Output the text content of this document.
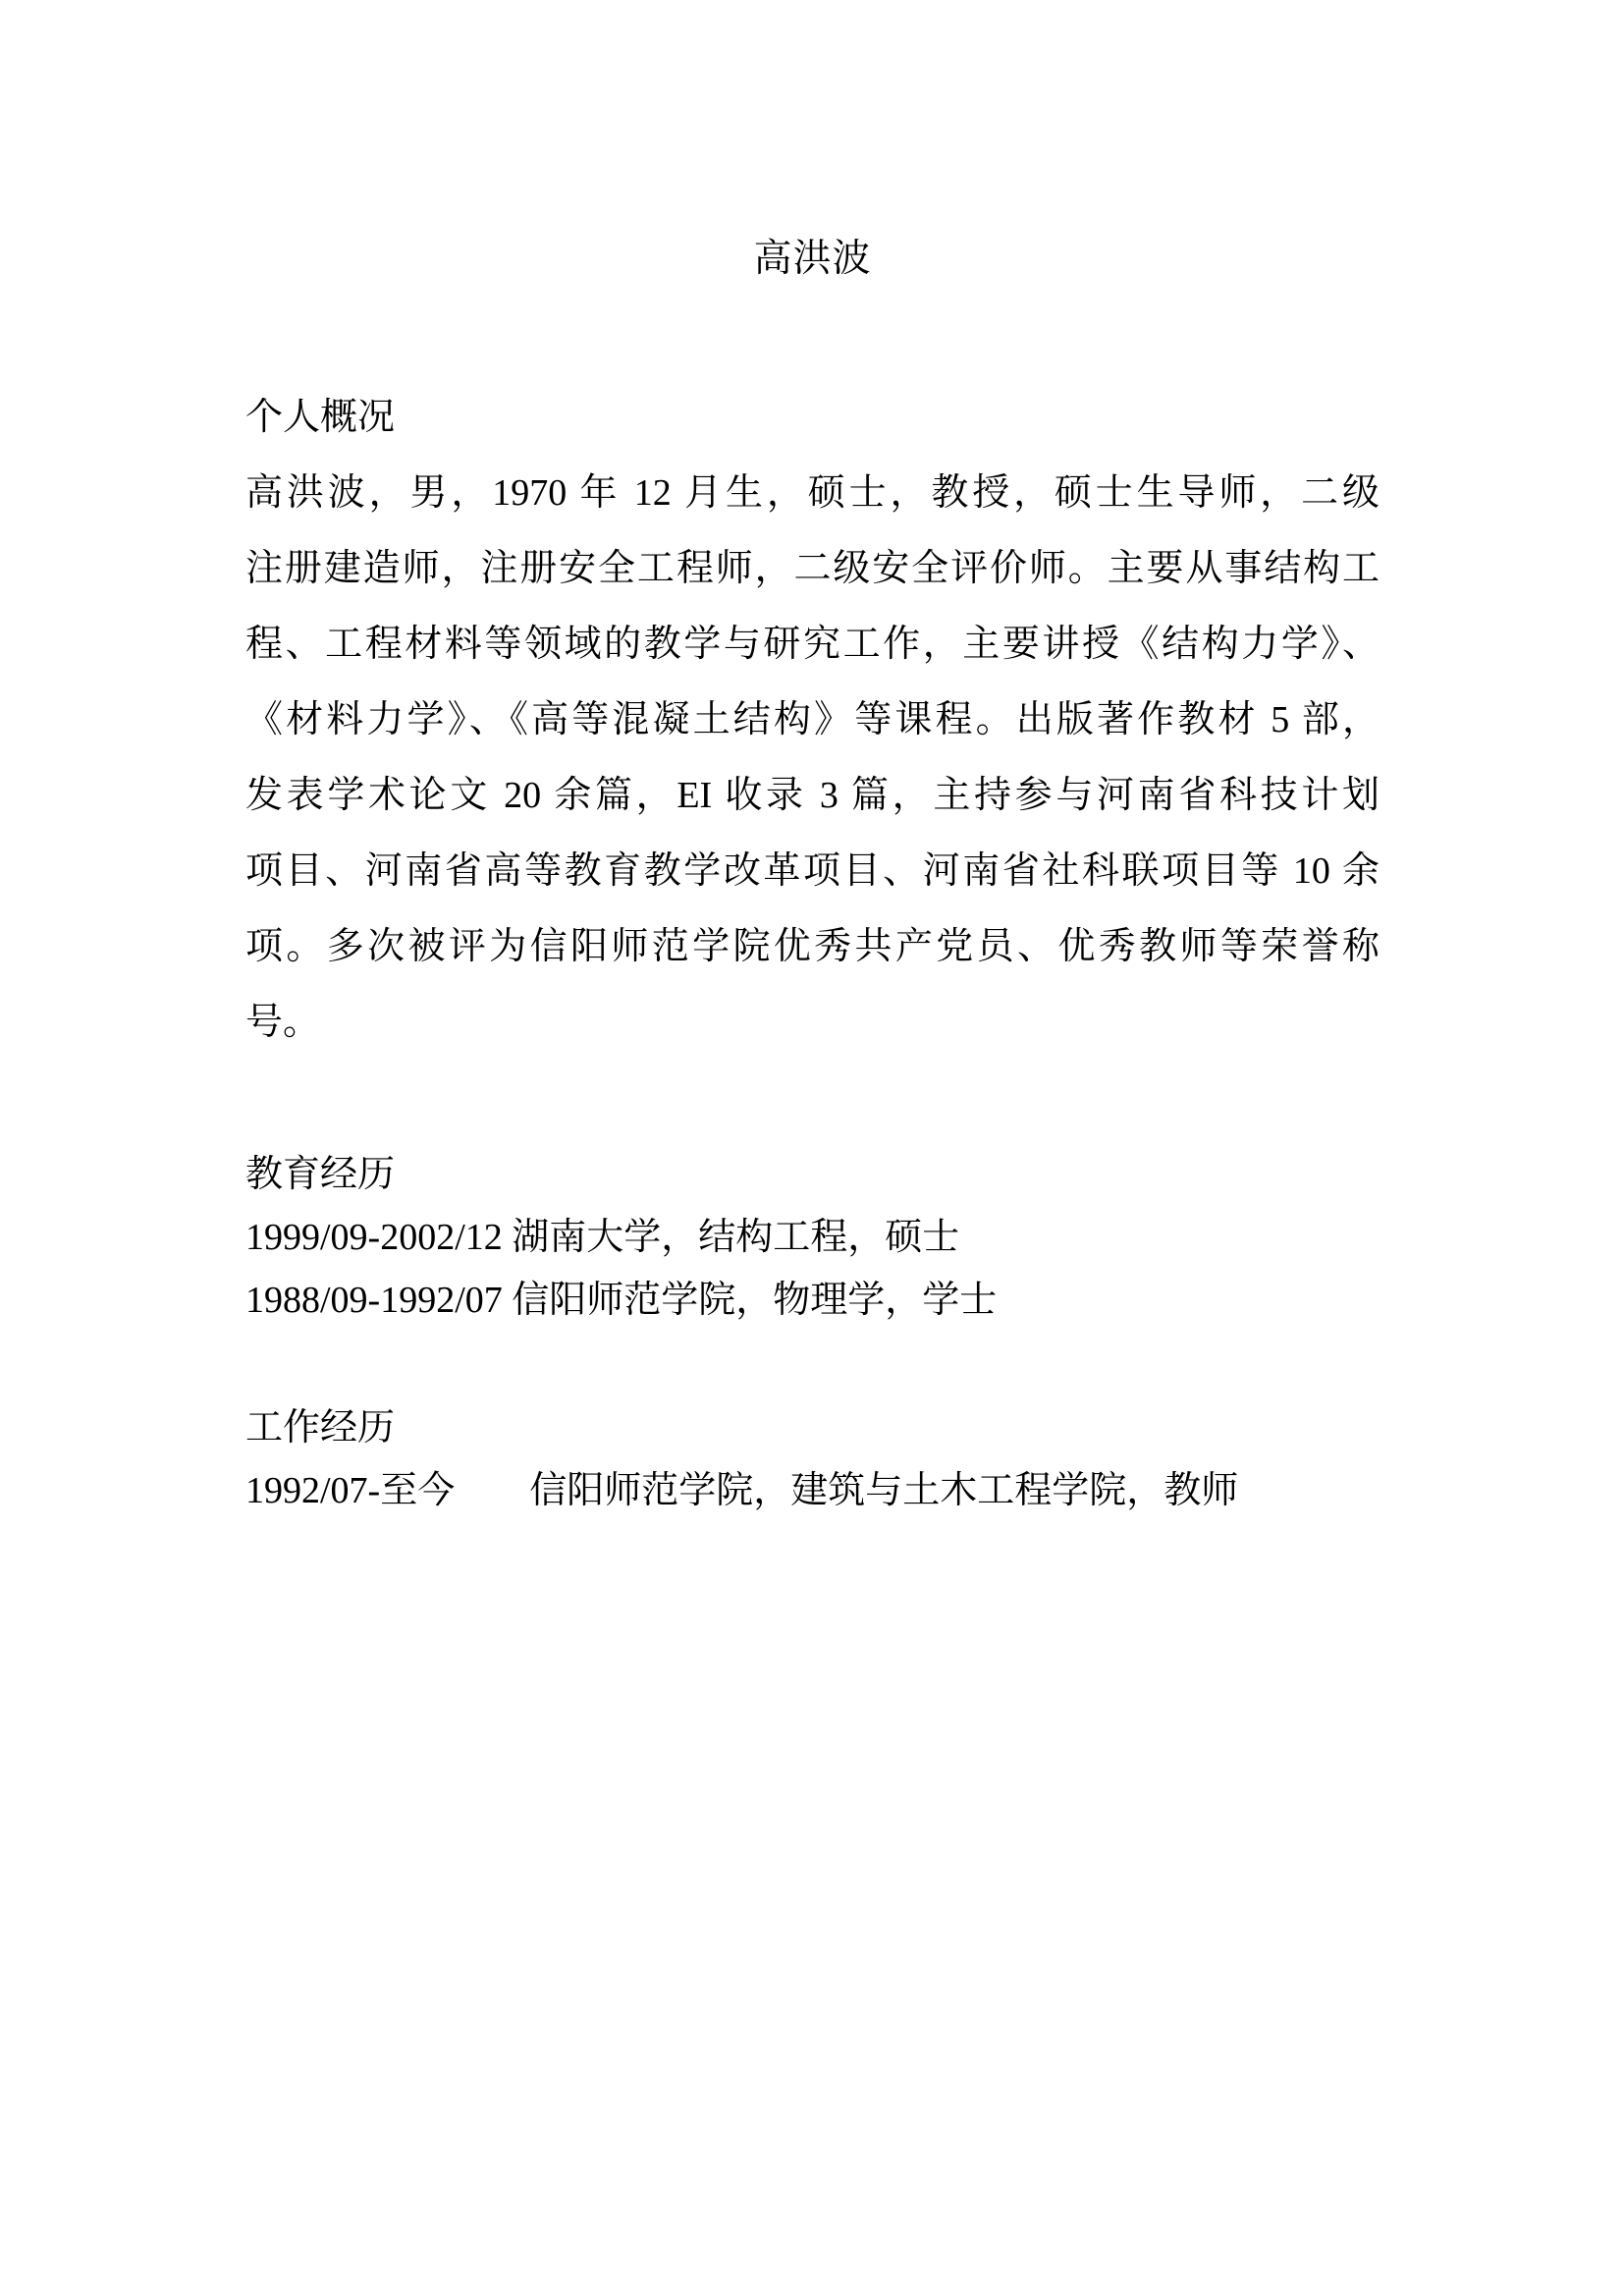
高洪波
个人概况
高洪波，男，1970 年 12 月生，硕士，教授，硕士生导师，二级
注册建造师，注册安全工程师，二级安全评价师。主要从事结构工
程、工程材料等领域的教学与研究工作，主要讲授《结构力学》、
《材料力学》、《高等混凝土结构》等课程。出版著作教材 5 部，
发表学术论文 20 余篇，EI 收录 3 篇，主持参与河南省科技计划
项目、河南省高等教育教学改革项目、河南省社科联项目等 10 余
项。多次被评为信阳师范学院优秀共产党员、优秀教师等荣誉称
号。
教育经历
1999/09-2002/12 湖南大学，结构工程，硕士
1988/09-1992/07 信阳师范学院，物理学，学士
工作经历
1992/07-至今　　信阳师范学院，建筑与土木工程学院，教师
